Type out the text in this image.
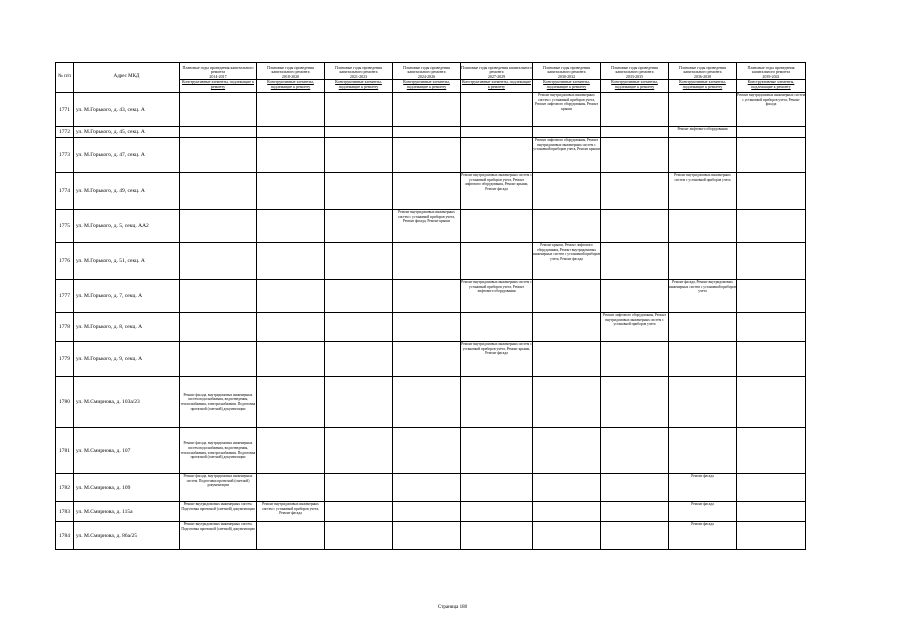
№ п/п	Адрес МКД	Плановые годы проведения капитального ремонта
2014-2017
Конструктивные элементы, подлежащие к ремонту	Плановые годы проведения капитального ремонта
2018-2020
Конструктивные элементы, подлежащие к ремонту	Плановые годы проведения капитального ремонта
2021-2023
Конструктивные элементы, подлежащие к ремонту	Плановые годы проведения капитального ремонта
2024-2026
Конструктивные элементы, подлежащие к ремонту	Плановые годы проведения капитального ремонта
2027-2029
Конструктивные элементы, подлежащие к ремонту	Плановые годы проведения капитального ремонта
2030-2032
Конструктивные элементы, подлежащие к ремонту	Плановые годы проведения капитального ремонта
2033-2035
Конструктивные элементы, подлежащие к ремонту	Плановые годы проведения капитального ремонта
2036-2038
Конструктивные элементы, подлежащие к ремонту	Плановые годы проведения капитального ремонта
2039-2041
Конструктивные элементы, подлежащие к ремонту

1771	ул. М.Горького, д. 43, секц. А						Ремонт внутридомовых инженерных систем с установкой приборов учета, Ремонт лифтового оборудования, Ремонт крыши			Ремонт внутридомовых инженерных систем с установкой приборов учета, Ремонт фасада
1772	ул. М.Горького, д. 45, секц. А								Ремонт лифтового оборудования	
1773	ул. М.Горького, д. 47, секц. А						Ремонт лифтового оборудования, Ремонт внутридомовых инженерных систем с установкой приборов учета, Ремонт крыши			
1774	ул. М.Горького, д. 49, секц. А					Ремонт внутридомовых инженерных систем с установкой приборов учета, Ремонт лифтового оборудования, Ремонт крыши, Ремонт фасада			Ремонт внутридомовых инженерных систем с установкой приборов учета	
1775	ул. М.Горького, д. 5, секц. АА2				Ремонт внутридомовых инженерных систем с установкой приборов учета, Ремонт фасада, Ремонт крыши					
1776	ул. М.Горького, д. 51, секц. А						Ремонт крыши, Ремонт лифтового оборудования, Ремонт внутридомовых инженерных систем с установкой приборов учета, Ремонт фасада			
1777	ул. М.Горького, д. 7, секц. А					Ремонт внутридомовых инженерных систем с установкой приборов учета, Ремонт лифтового оборудования			Ремонт фасада, Ремонт внутридомовых инженерных систем с установкой приборов учета	
1778	ул. М.Горького, д. 8, секц. А							Ремонт лифтового оборудования, Ремонт внутридомовых инженерных систем с установкой приборов учета		
1779	ул. М.Горького, д. 9, секц. А					Ремонт внутридомовых инженерных систем с установкой приборов учета, Ремонт крыши, Ремонт фасада				
1780	ул. М.Смирнова, д. 103а/23	Ремонт фасада, внутридомовых инженерных систем водоснабжения, водоотведения, теплоснабжения, электроснабжения. Подготовка проектной (сметной) документации								
1781	ул. М.Смирнова, д. 107	Ремонт фасада, внутридомовых инженерных систем водоснабжения, водоотведения, теплоснабжения, электроснабжения. Подготовка проектной (сметной) документации								
1782	ул. М.Смирнова, д. 109	Ремонт фасада, внутридомовых инженерных систем. Подготовка проектной (сметной) документации							Ремонт фасада	
1783	ул. М.Смирнова, д. 115а	Ремонт внутридомовых инженерных систем. Подготовка проектной (сметной) документации	Ремонт внутридомовых инженерных систем с установкой приборов учета, Ремонт фасада						Ремонт фасада	
1784	ул. М.Смирнова, д. 86а/25	Ремонт внутридомовых инженерных систем. Подготовка проектной (сметной) документации							Ремонт фасада	
Страница 180
